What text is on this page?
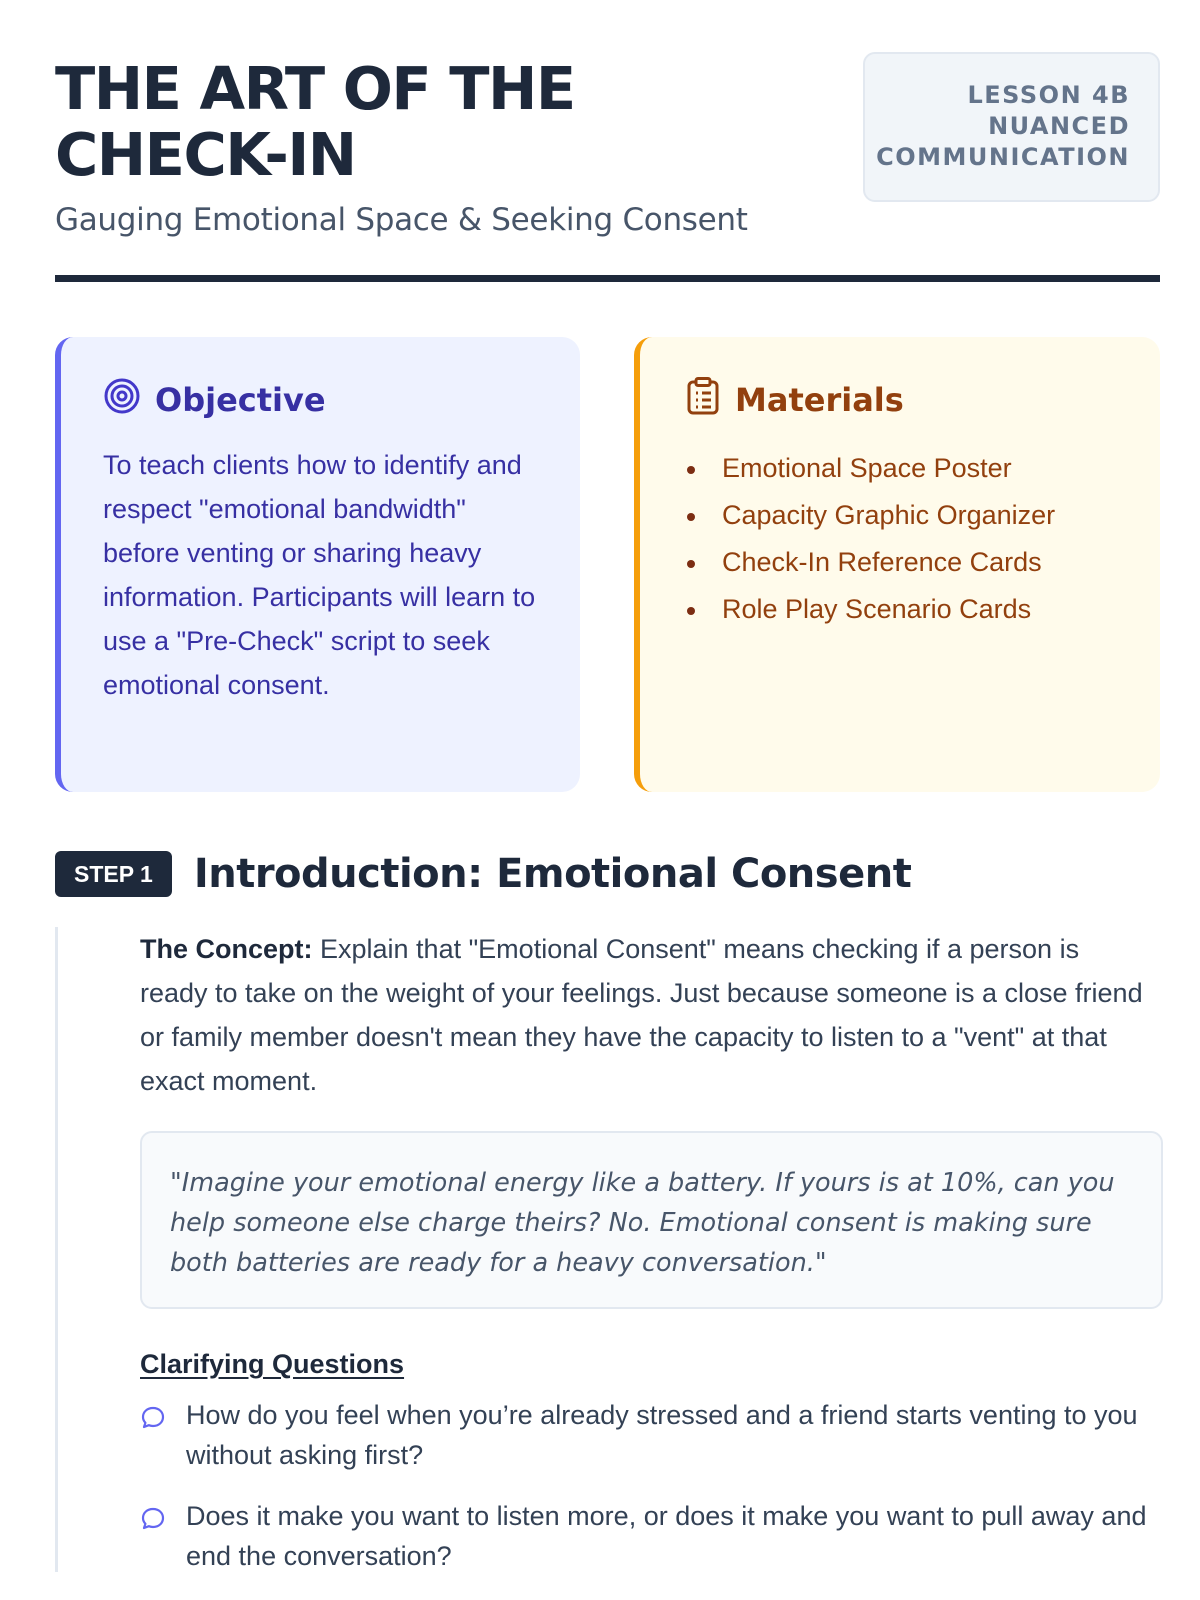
THE ART OF THE CHECK-IN
Gauging Emotional Space & Seeking Consent
LESSON 4B
NUANCED
COMMUNICATION
Objective

To teach clients how to identify and respect "emotional bandwidth" before venting or sharing heavy information. Participants will learn to use a "Pre-Check" script to seek emotional consent.

Materials
Emotional Space Poster
Capacity Graphic Organizer
Check-In Reference Cards
Role Play Scenario Cards
STEP 1	Introduction: Emotional Consent

The Concept: Explain that "Emotional Consent" means checking if a person is ready to take on the weight of your feelings. Just because someone is a close friend or family member doesn't mean they have the capacity to listen to a "vent" at that exact moment.

"Imagine your emotional energy like a battery. If yours is at 10%, can you help someone else charge theirs? No. Emotional consent is making sure both batteries are ready for a heavy conversation."
Clarifying Questions
How do you feel when you’re already stressed and a friend starts venting to you without asking first?
Does it make you want to listen more, or does it make you want to pull away and end the conversation?
